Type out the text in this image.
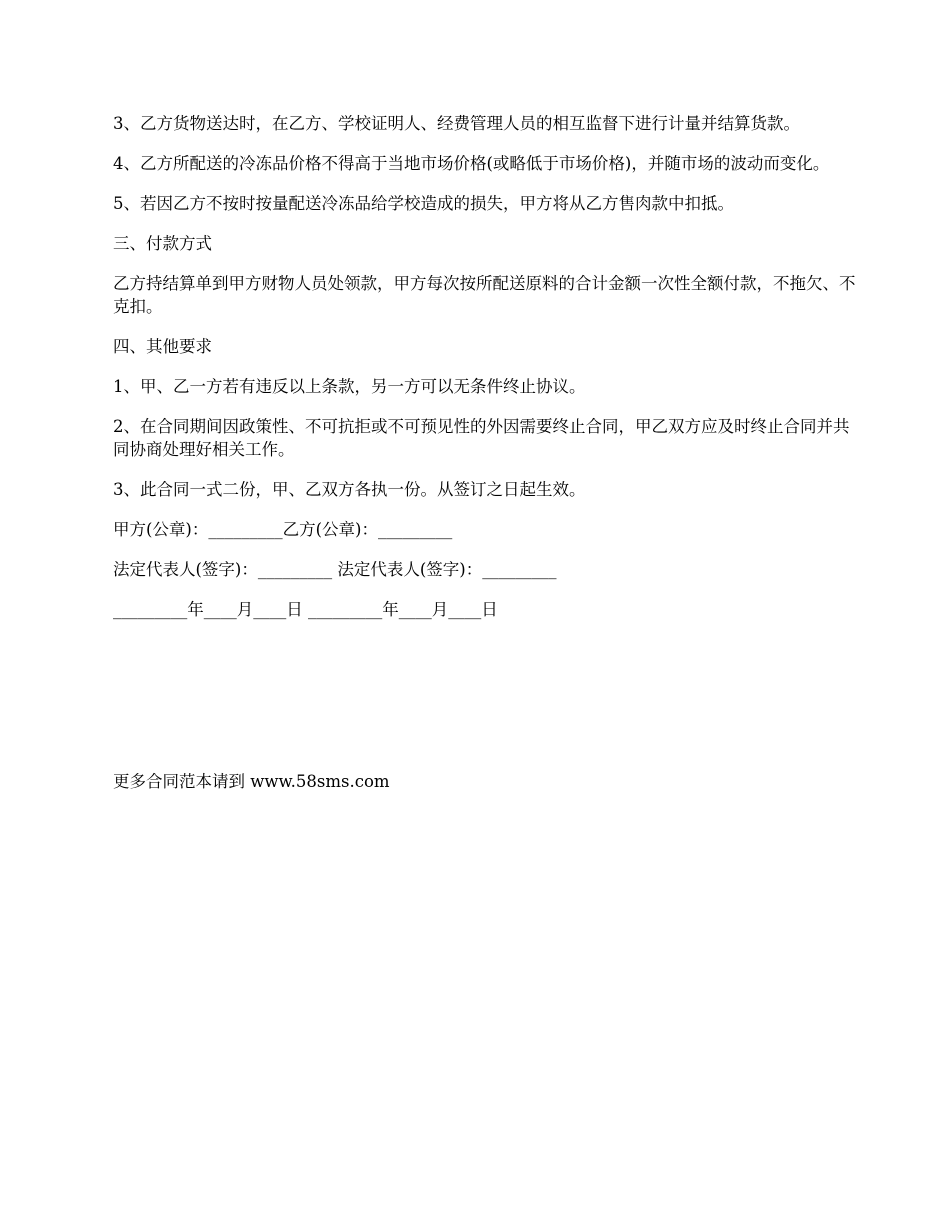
3、乙方货物送达时，在乙方、学校证明人、经费管理人员的相互监督下进行计量并结算货款。

4、乙方所配送的冷冻品价格不得高于当地市场价格(或略低于市场价格)，并随市场的波动而变化。

5、若因乙方不按时按量配送冷冻品给学校造成的损失，甲方将从乙方售肉款中扣抵。

三、付款方式

乙方持结算单到甲方财物人员处领款，甲方每次按所配送原料的合计金额一次性全额付款，不拖欠、不克扣。

四、其他要求

1、甲、乙一方若有违反以上条款，另一方可以无条件终止协议。

2、在合同期间因政策性、不可抗拒或不可预见性的外因需要终止合同，甲乙双方应及时终止合同并共同协商处理好相关工作。

3、此合同一式二份，甲、乙双方各执一份。从签订之日起生效。

甲方(公章)：_________乙方(公章)：_________

法定代表人(签字)：_________ 法定代表人(签字)：_________

_________年____月____日 _________年____月____日

更多合同范本请到 www.58sms.com
